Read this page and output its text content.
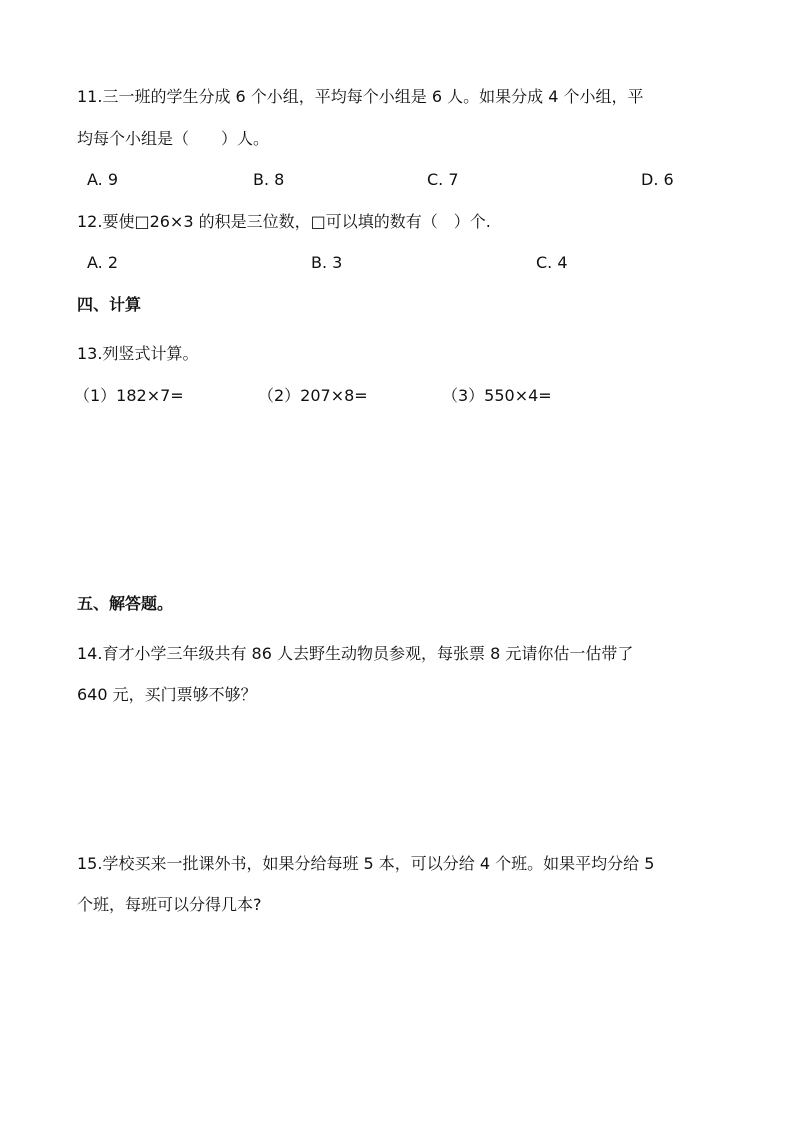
11.三一班的学生分成 6 个小组，平均每个小组是 6 人。如果分成 4 个小组，平
均每个小组是（　　）人。
A. 9	B. 8	C. 7	D. 6
12.要使□26×3 的积是三位数，□可以填的数有（　）个.
A. 2	B. 3	C. 4
四、计算
13.列竖式计算。
（1）182×7=	（2）207×8=	（3）550×4=
五、解答题。
14.育才小学三年级共有 86 人去野生动物员参观，每张票 8 元请你估一估带了
640 元，买门票够不够？
15.学校买来一批课外书，如果分给每班 5 本，可以分给 4 个班。如果平均分给 5
个班，每班可以分得几本?
